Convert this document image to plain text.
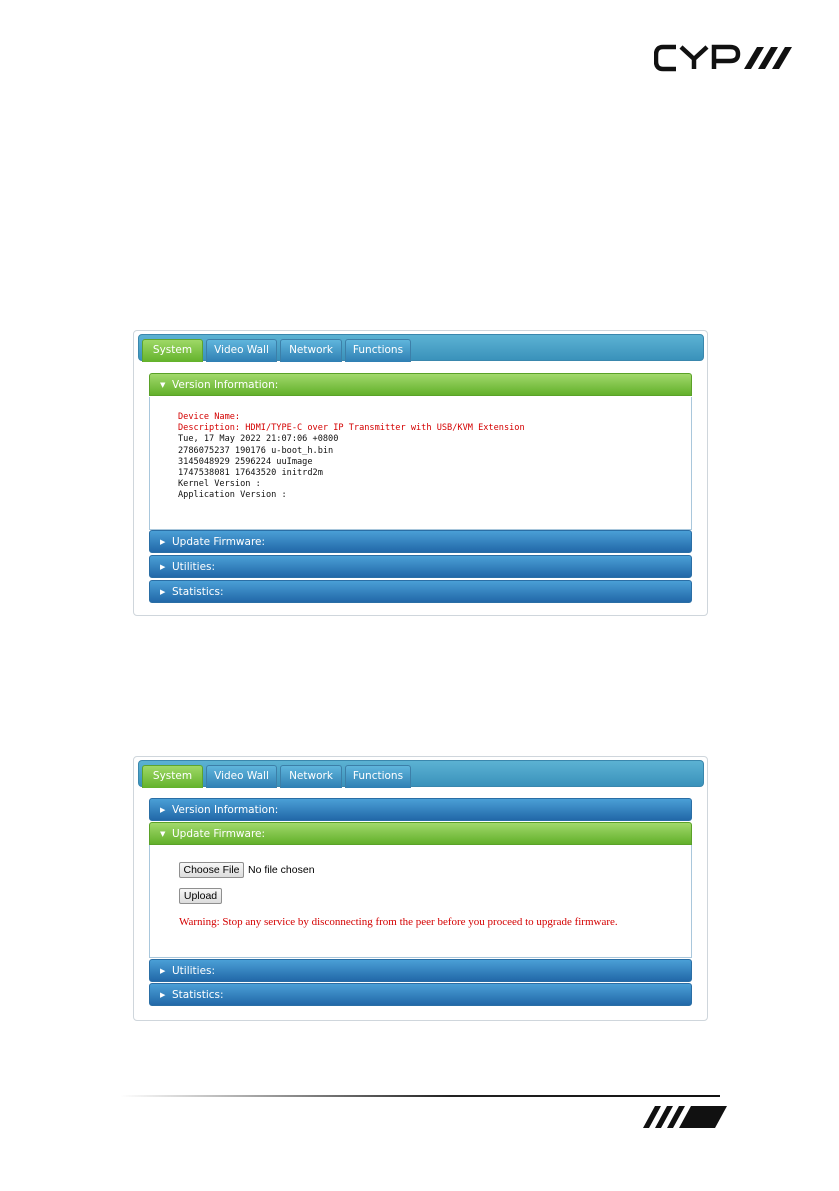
System	Video Wall	Network	Functions
▼ Version Information:
Device Name:
Description: HDMI/TYPE-C over IP Transmitter with USB/KVM Extension
Tue, 17 May 2022 21:07:06 +0800
2786075237 190176 u-boot_h.bin
3145048929 2596224 uuImage
1747538081 17643520 initrd2m
Kernel Version :
Application Version :
▶ Update Firmware:
▶ Utilities:
▶ Statistics:
System	Video Wall	Network	Functions
▶ Version Information:
▼ Update Firmware:
Choose File No file chosen
Upload
Warning: Stop any service by disconnecting from the peer before you proceed to upgrade firmware.
▶ Utilities:
▶ Statistics:
